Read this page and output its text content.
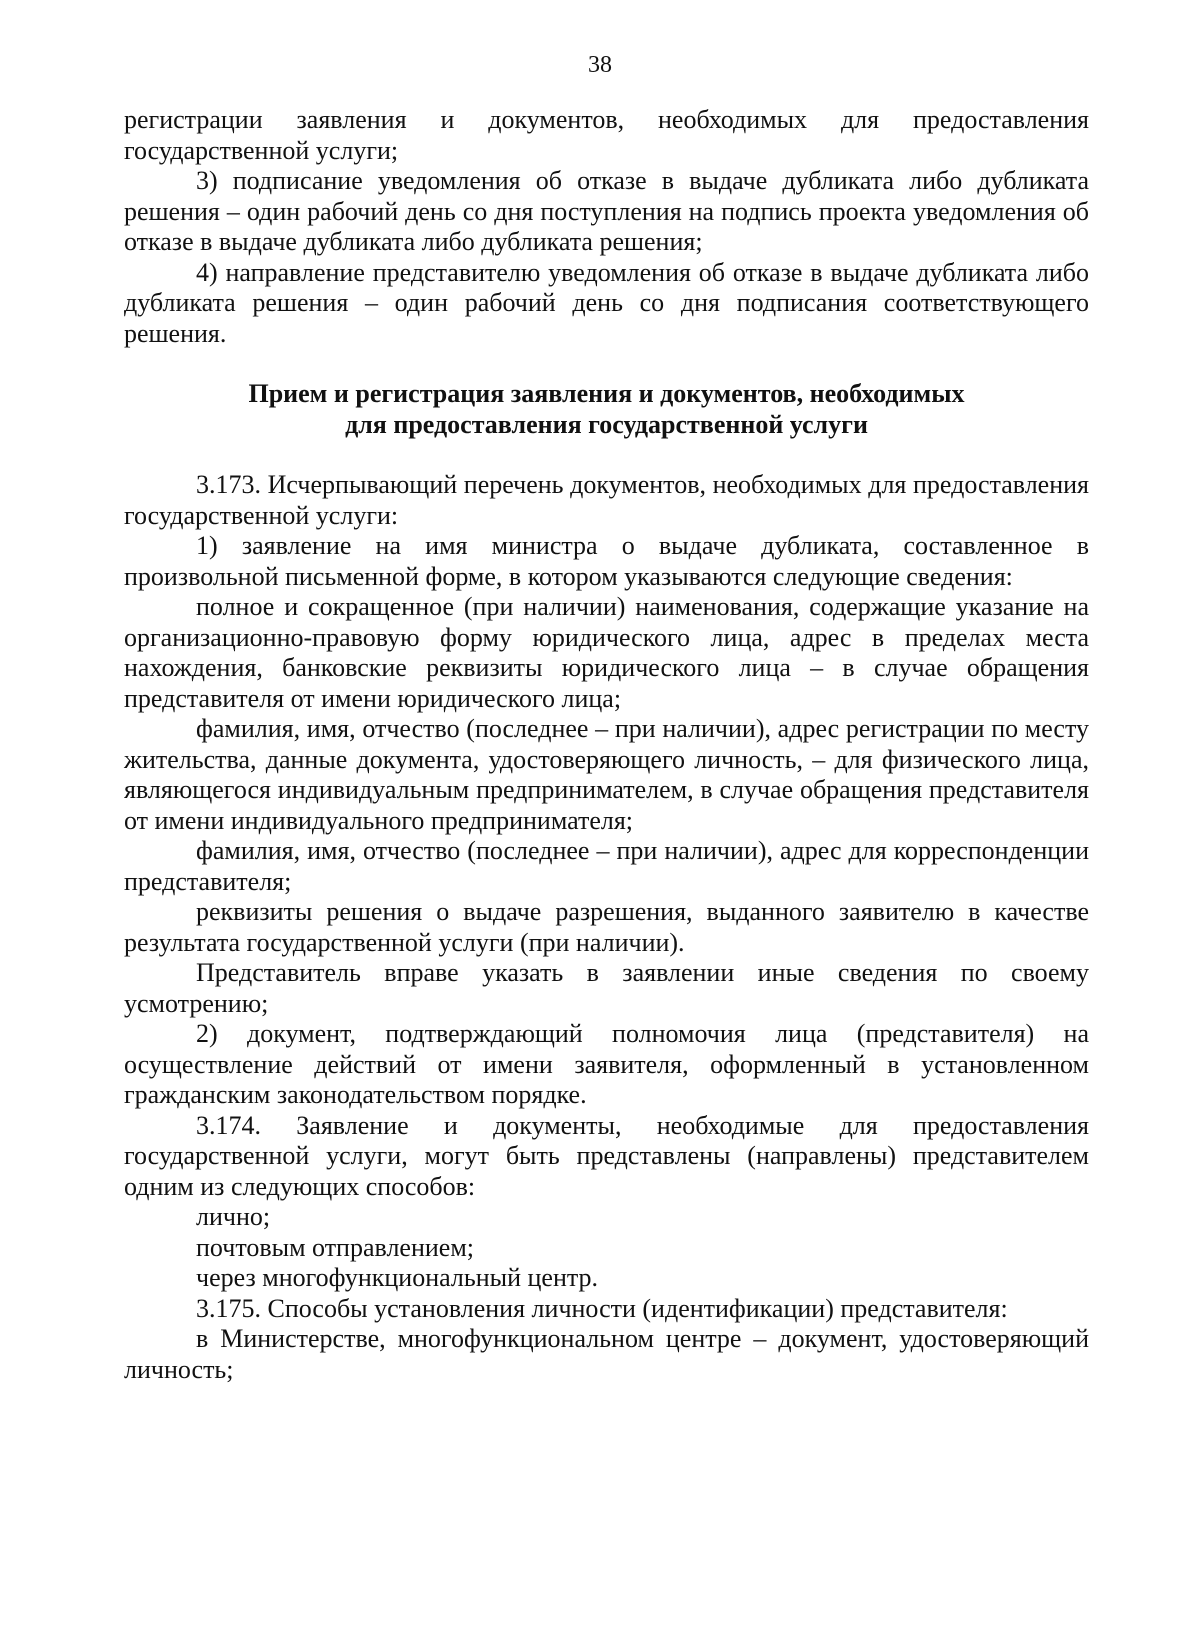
38

регистрации заявления и документов, необходимых для предоставления государственной услуги;

3) подписание уведомления об отказе в выдаче дубликата либо дубликата решения – один рабочий день со дня поступления на подпись проекта уведомления об отказе в выдаче дубликата либо дубликата решения;

4) направление представителю уведомления об отказе в выдаче дубликата либо дубликата решения – один рабочий день со дня подписания соответствующего решения.

Прием и регистрация заявления и документов, необходимых
для предоставления государственной услуги

3.173. Исчерпывающий перечень документов, необходимых для предоставления государственной услуги:

1) заявление на имя министра о выдаче дубликата, составленное в произвольной письменной форме, в котором указываются следующие сведения:

полное и сокращенное (при наличии) наименования, содержащие указание на организационно-правовую форму юридического лица, адрес в пределах места нахождения, банковские реквизиты юридического лица – в случае обращения представителя от имени юридического лица;

фамилия, имя, отчество (последнее – при наличии), адрес регистрации по месту жительства, данные документа, удостоверяющего личность, – для физического лица, являющегося индивидуальным предпринимателем, в случае обращения представителя от имени индивидуального предпринимателя;

фамилия, имя, отчество (последнее – при наличии), адрес для корреспонденции представителя;

реквизиты решения о выдаче разрешения, выданного заявителю в качестве результата государственной услуги (при наличии).

Представитель вправе указать в заявлении иные сведения по своему усмотрению;

2) документ, подтверждающий полномочия лица (представителя) на осуществление действий от имени заявителя, оформленный в установленном гражданским законодательством порядке.

3.174. Заявление и документы, необходимые для предоставления государственной услуги, могут быть представлены (направлены) представителем одним из следующих способов:

лично;

почтовым отправлением;

через многофункциональный центр.

3.175. Способы установления личности (идентификации) представителя:

в Министерстве, многофункциональном центре – документ, удостоверяющий личность;
